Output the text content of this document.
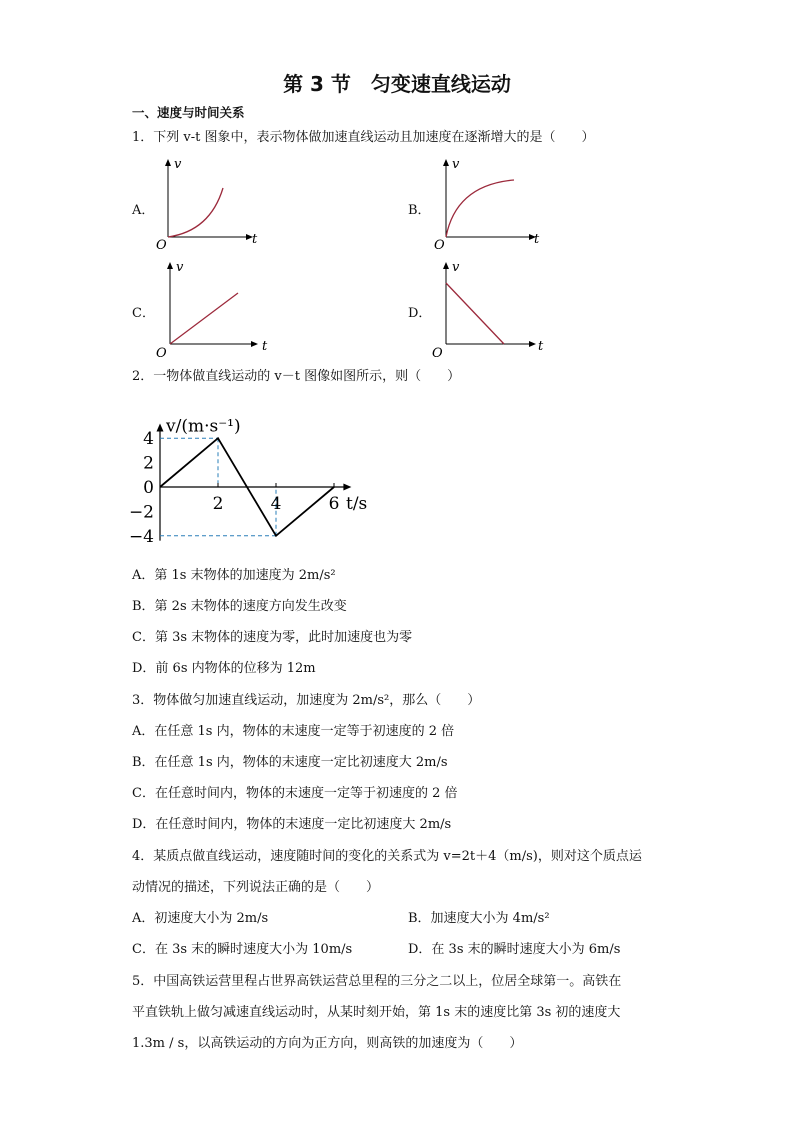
第 3 节　匀变速直线运动
一、速度与时间关系
1．下列 v-t 图象中，表示物体做加速直线运动且加速度在逐渐增大的是（　　）
A．
v
t
O
B．
v
t
O
C．
v
t
O
D．
v
t
O
2．一物体做直线运动的 v－t 图像如图所示，则（　　）
4
2
0
−2
−4
2	4	6
v/(m·s⁻¹)
t/s
A．第 1s 末物体的加速度为 2m/s²
B．第 2s 末物体的速度方向发生改变
C．第 3s 末物体的速度为零，此时加速度也为零
D．前 6s 内物体的位移为 12m
3．物体做匀加速直线运动，加速度为 2m/s²，那么（　　）
A．在任意 1s 内，物体的末速度一定等于初速度的 2 倍
B．在任意 1s 内，物体的末速度一定比初速度大 2m/s
C．在任意时间内，物体的末速度一定等于初速度的 2 倍
D．在任意时间内，物体的末速度一定比初速度大 2m/s
4．某质点做直线运动，速度随时间的变化的关系式为 v=2t＋4（m/s)，则对这个质点运
动情况的描述，下列说法正确的是（　　）
A．初速度大小为 2m/s	B．加速度大小为 4m/s²
C．在 3s 末的瞬时速度大小为 10m/s	D．在 3s 末的瞬时速度大小为 6m/s
5．中国高铁运营里程占世界高铁运营总里程的三分之二以上，位居全球第一。高铁在
平直铁轨上做匀减速直线运动时，从某时刻开始，第 1s 末的速度比第 3s 初的速度大
1.3m / s，以高铁运动的方向为正方向，则高铁的加速度为（　　）
